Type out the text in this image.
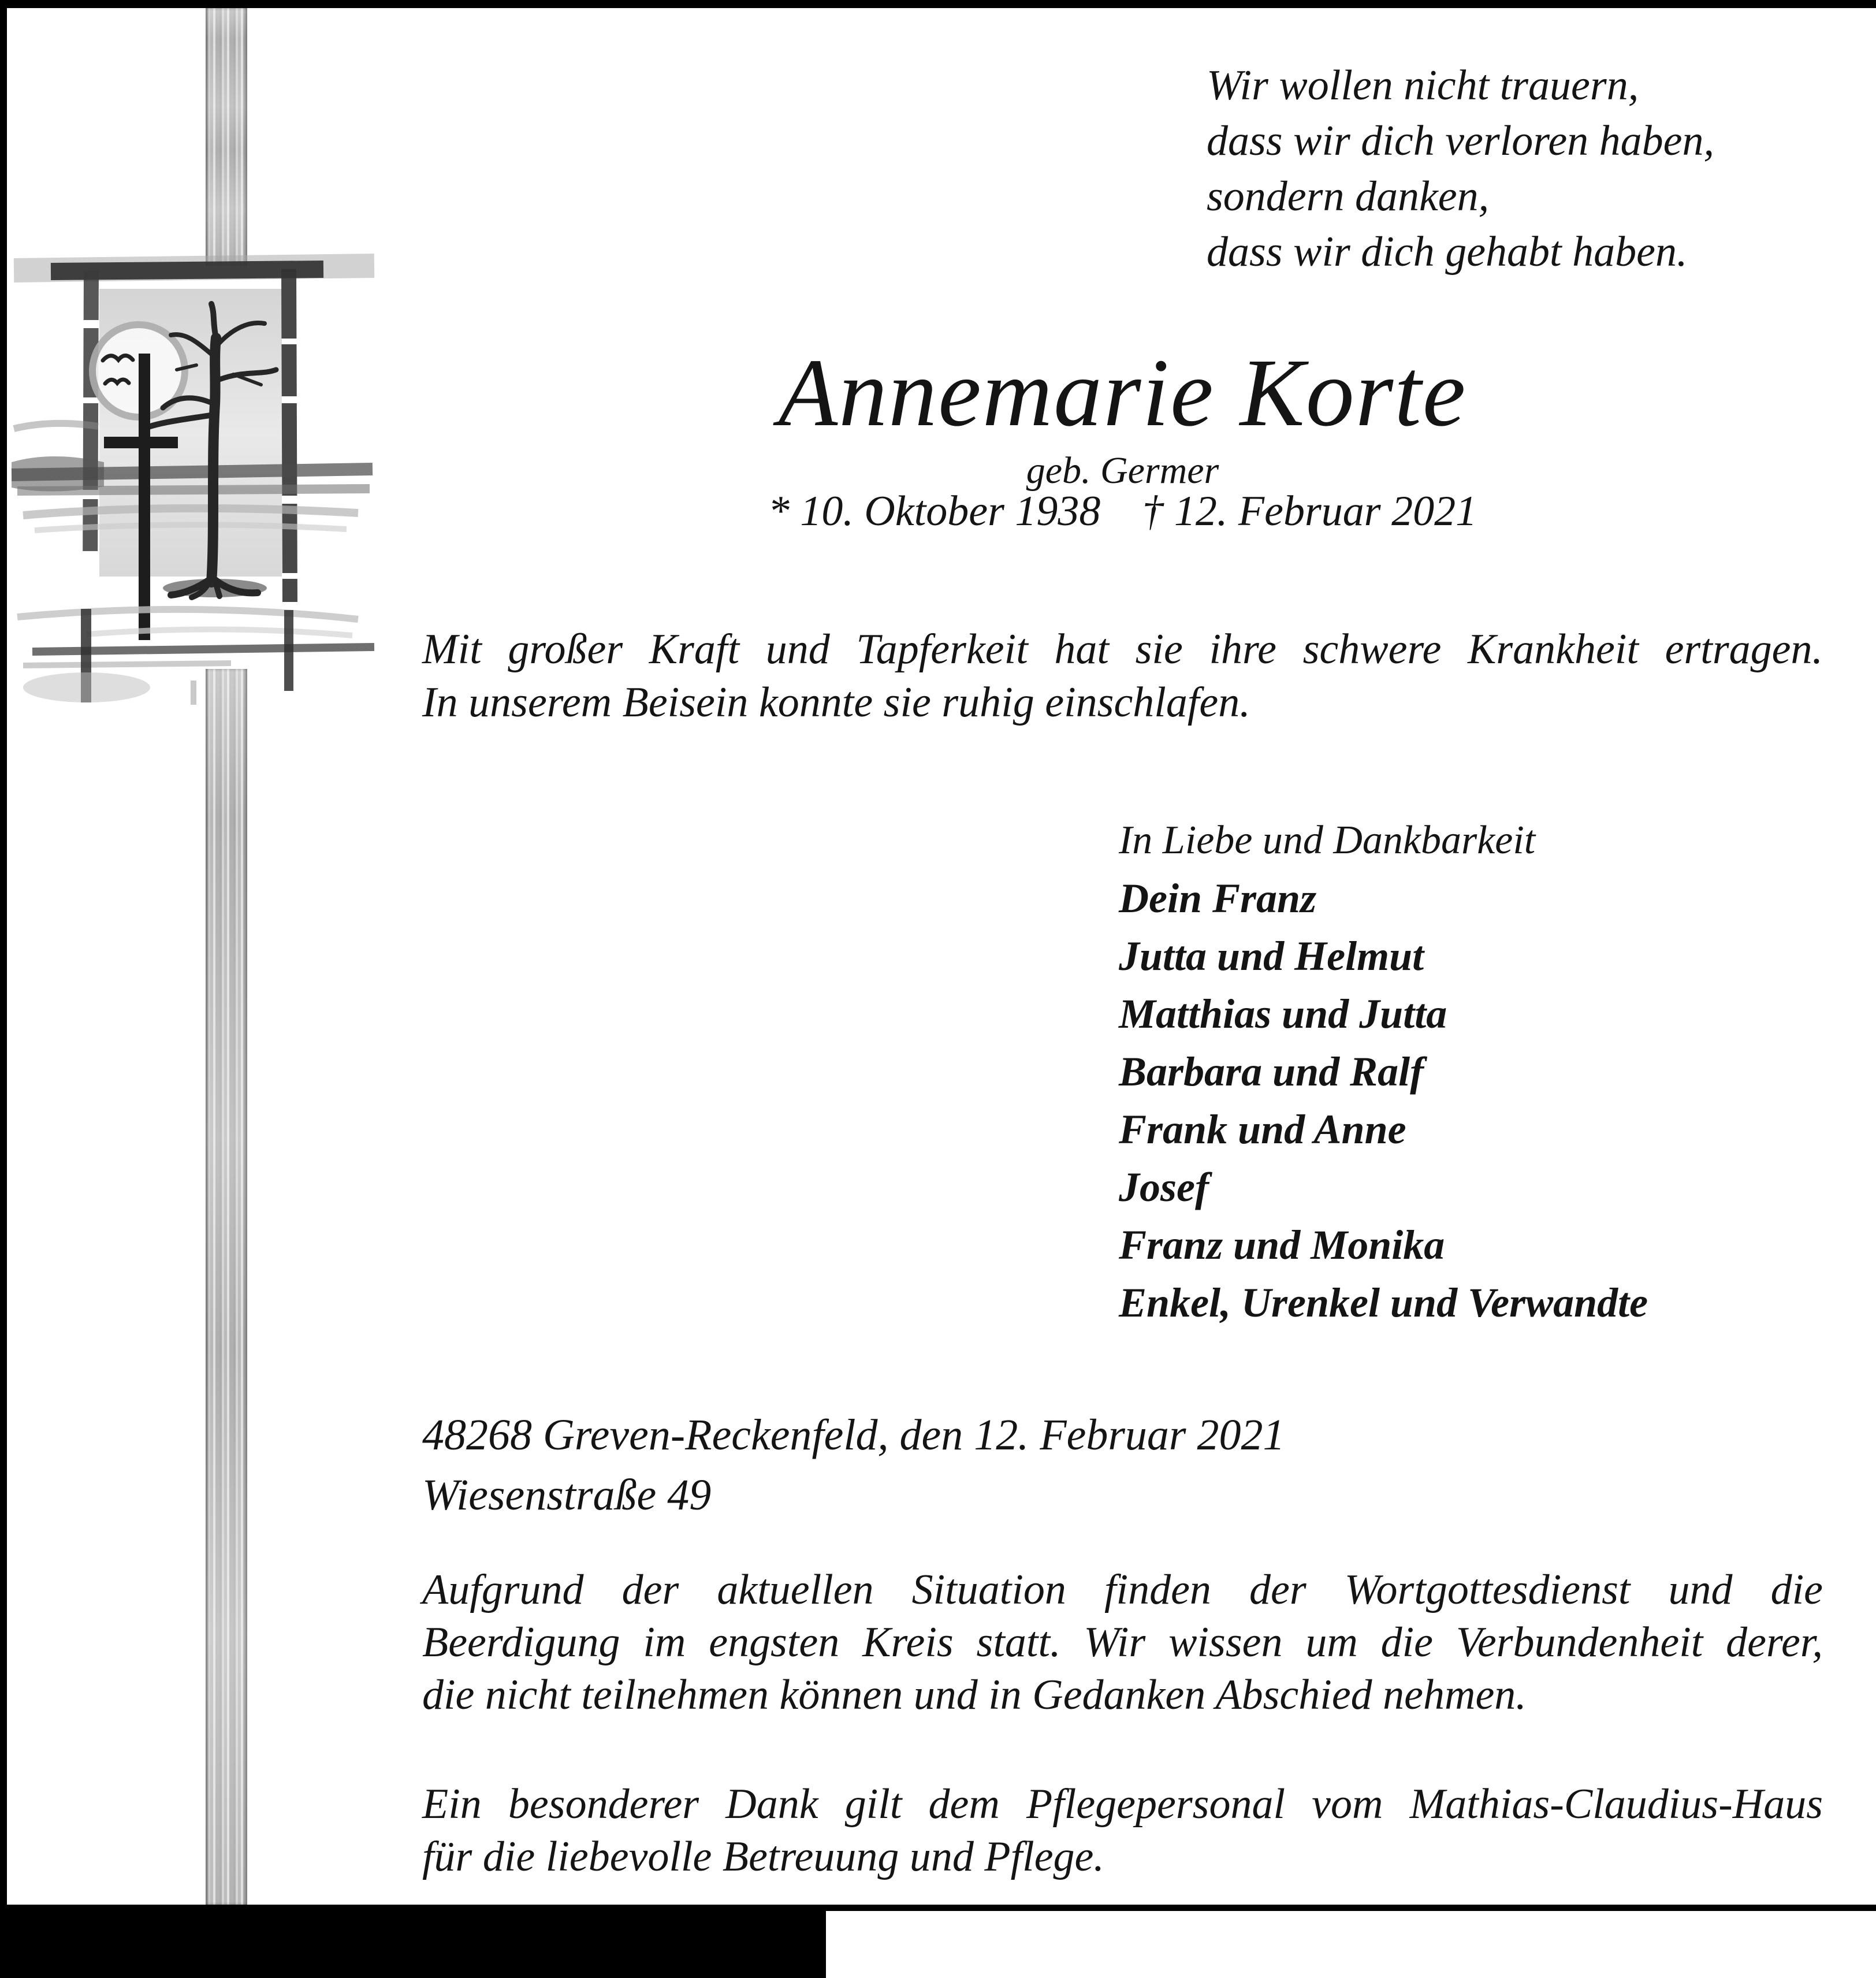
Wir wollen nicht trauern,
dass wir dich verloren haben,
sondern danken,
dass wir dich gehabt haben.
Annemarie Korte
geb. Germer
* 10. Oktober 1938 † 12. Februar 2021
Mit großer Kraft und Tapferkeit hat sie ihre schwere Krankheit ertragen.
In unserem Beisein konnte sie ruhig einschlafen.
In Liebe und Dankbarkeit
Dein Franz
Jutta und Helmut
Matthias und Jutta
Barbara und Ralf
Frank und Anne
Josef
Franz und Monika
Enkel, Urenkel und Verwandte
48268 Greven-Reckenfeld, den 12. Februar 2021
Wiesenstraße 49
Aufgrund der aktuellen Situation finden der Wortgottesdienst und die
Beerdigung im engsten Kreis statt. Wir wissen um die Verbundenheit derer,
die nicht teilnehmen können und in Gedanken Abschied nehmen.
Ein besonderer Dank gilt dem Pflegepersonal vom Mathias-Claudius-Haus
für die liebevolle Betreuung und Pflege.
